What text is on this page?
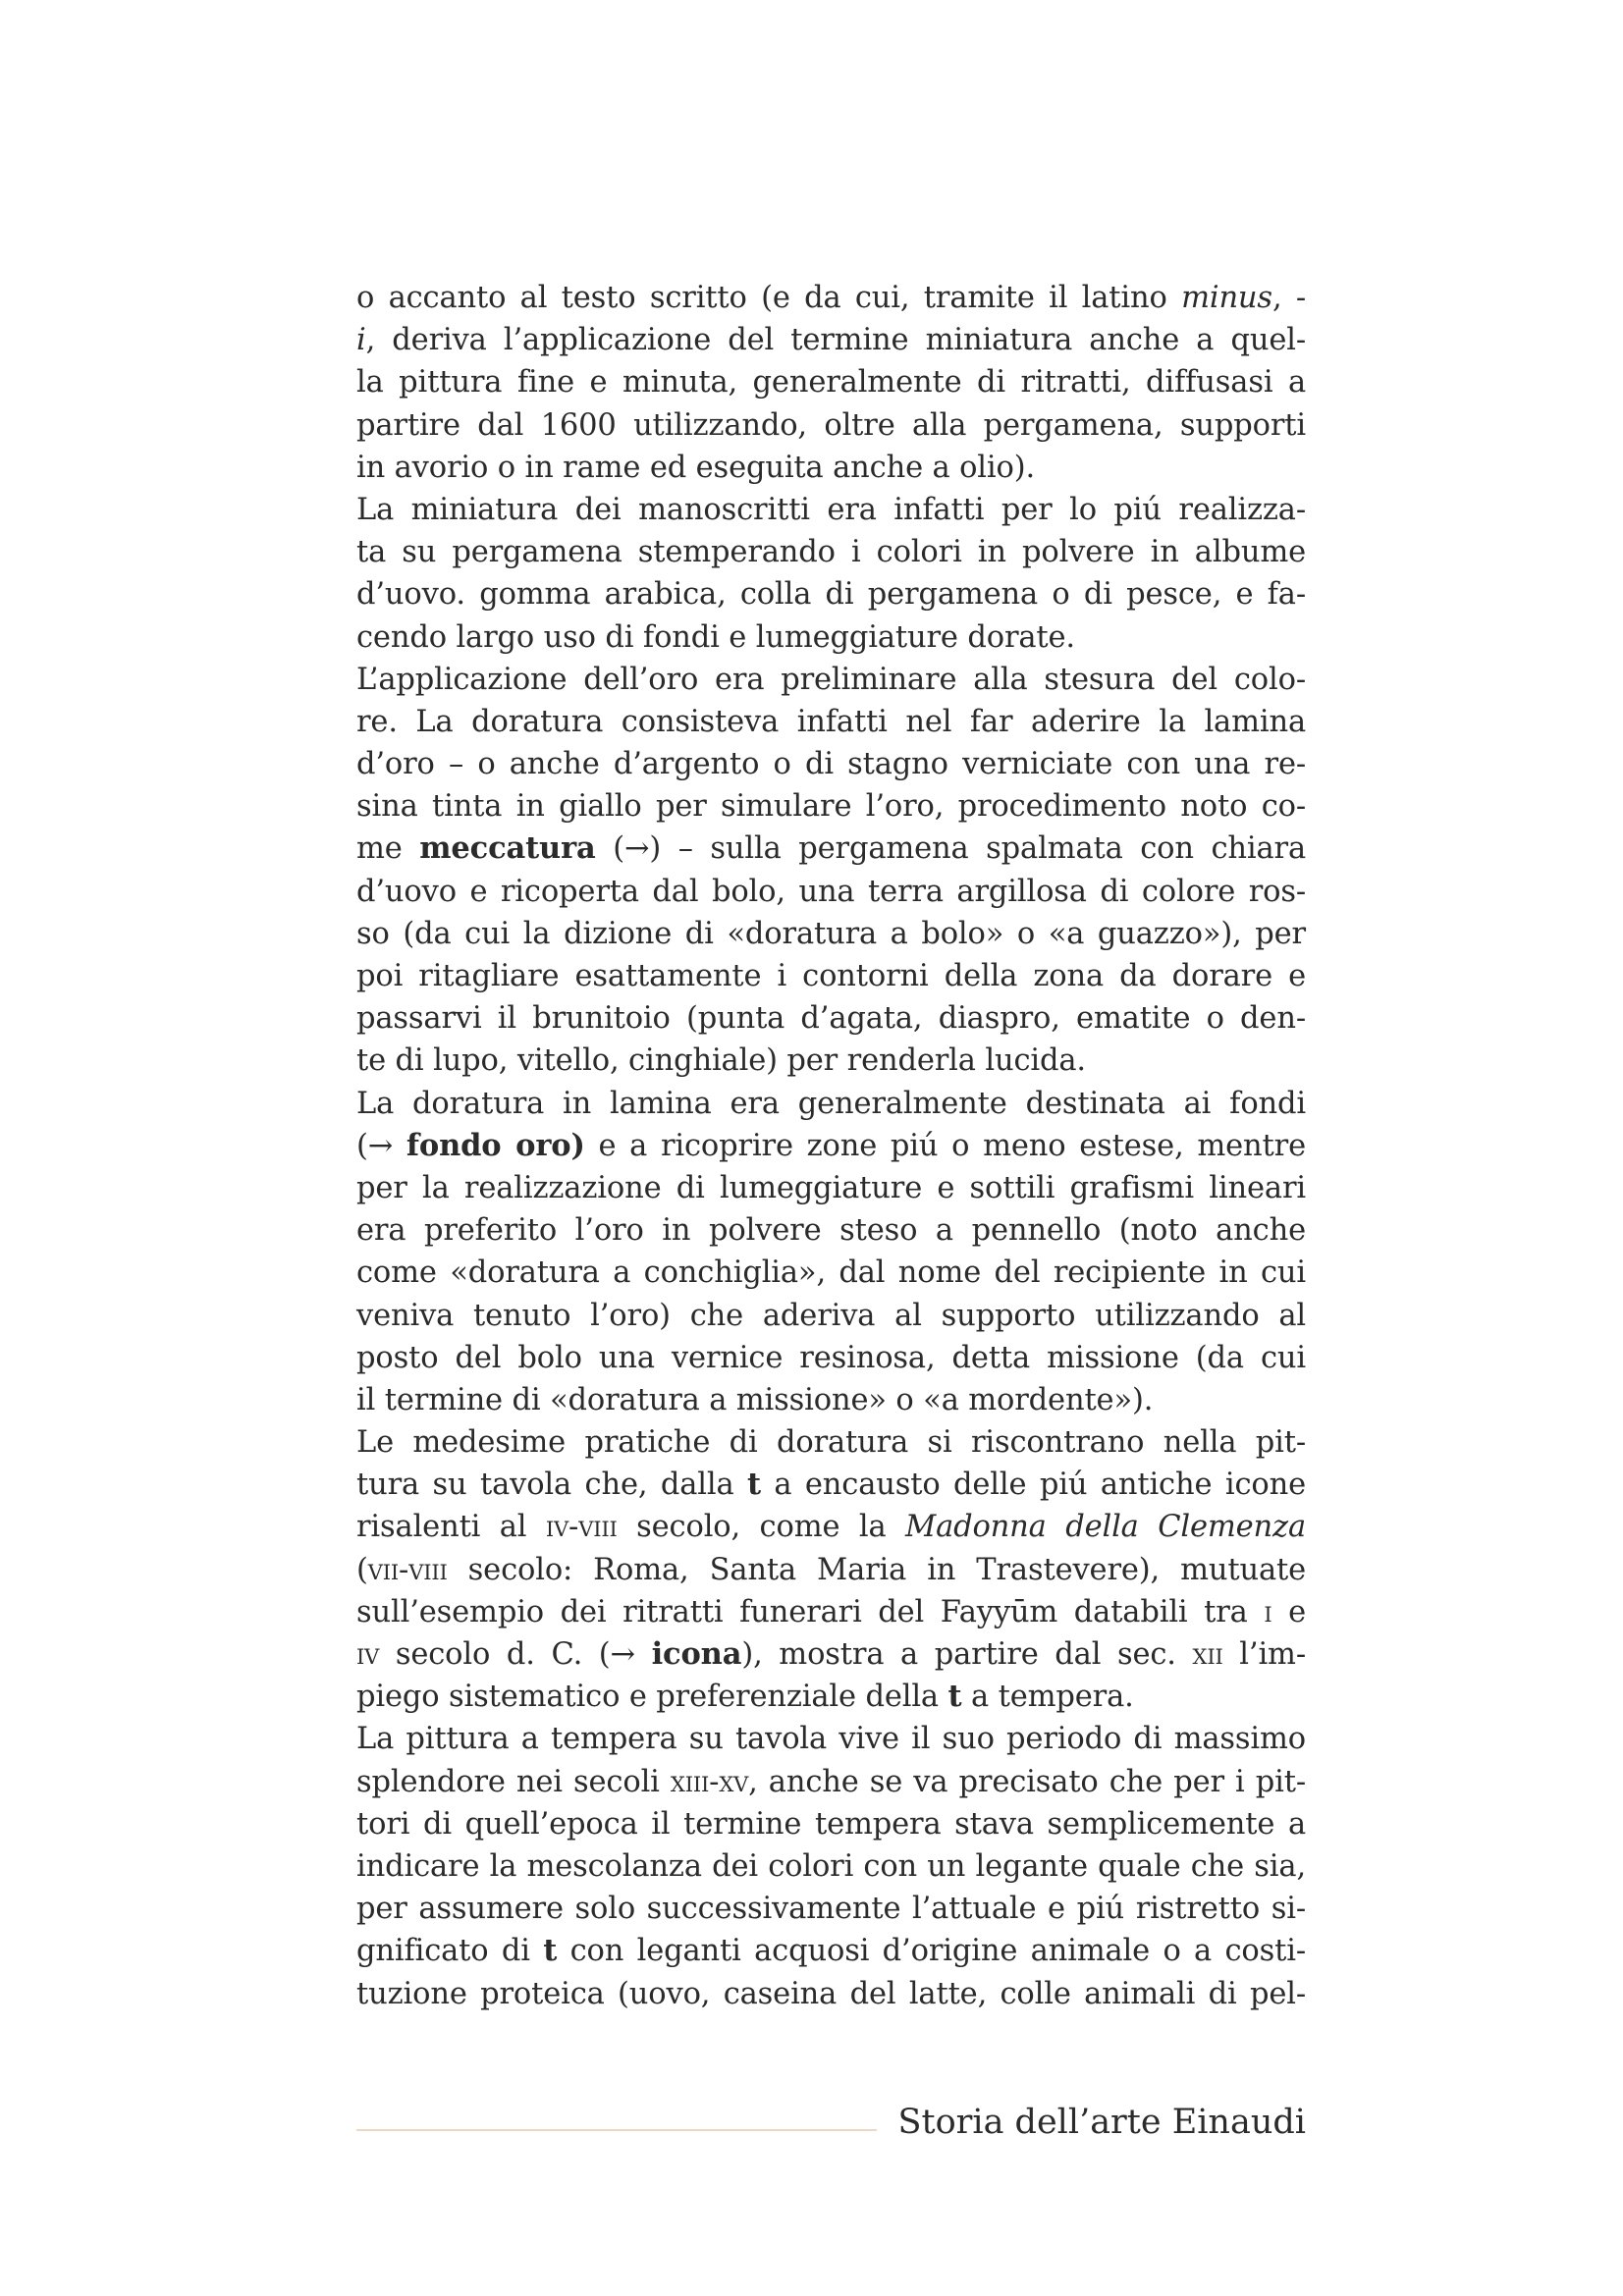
o accanto al testo scritto (e da cui, tramite il latino minus, -
i, deriva l’applicazione del termine miniatura anche a quel-
la pittura fine e minuta, generalmente di ritratti, diffusasi a
partire dal 1600 utilizzando, oltre alla pergamena, supporti
in avorio o in rame ed eseguita anche a olio).
La miniatura dei manoscritti era infatti per lo piú realizza-
ta su pergamena stemperando i colori in polvere in albume
d’uovo. gomma arabica, colla di pergamena o di pesce, e fa-
cendo largo uso di fondi e lumeggiature dorate.
L’applicazione dell’oro era preliminare alla stesura del colo-
re. La doratura consisteva infatti nel far aderire la lamina
d’oro – o anche d’argento o di stagno verniciate con una re-
sina tinta in giallo per simulare l’oro, procedimento noto co-
me meccatura (→) – sulla pergamena spalmata con chiara
d’uovo e ricoperta dal bolo, una terra argillosa di colore ros-
so (da cui la dizione di «doratura a bolo» o «a guazzo»), per
poi ritagliare esattamente i contorni della zona da dorare e
passarvi il brunitoio (punta d’agata, diaspro, ematite o den-
te di lupo, vitello, cinghiale) per renderla lucida.
La doratura in lamina era generalmente destinata ai fondi
(→ fondo oro) e a ricoprire zone piú o meno estese, mentre
per la realizzazione di lumeggiature e sottili grafismi lineari
era preferito l’oro in polvere steso a pennello (noto anche
come «doratura a conchiglia», dal nome del recipiente in cui
veniva tenuto l’oro) che aderiva al supporto utilizzando al
posto del bolo una vernice resinosa, detta missione (da cui
il termine di «doratura a missione» o «a mordente»).
Le medesime pratiche di doratura si riscontrano nella pit-
tura su tavola che, dalla t a encausto delle piú antiche icone
risalenti al iv-viii secolo, come la Madonna della Clemenza
(vii-viii secolo: Roma, Santa Maria in Trastevere), mutuate
sull’esempio dei ritratti funerari del Fayyūm databili tra i e
iv secolo d. C. (→ icona), mostra a partire dal sec. xii l’im-
piego sistematico e preferenziale della t a tempera.
La pittura a tempera su tavola vive il suo periodo di massimo
splendore nei secoli xiii-xv, anche se va precisato che per i pit-
tori di quell’epoca il termine tempera stava semplicemente a
indicare la mescolanza dei colori con un legante quale che sia,
per assumere solo successivamente l’attuale e piú ristretto si-
gnificato di t con leganti acquosi d’origine animale o a costi-
tuzione proteica (uovo, caseina del latte, colle animali di pel-
Storia dell’arte Einaudi
